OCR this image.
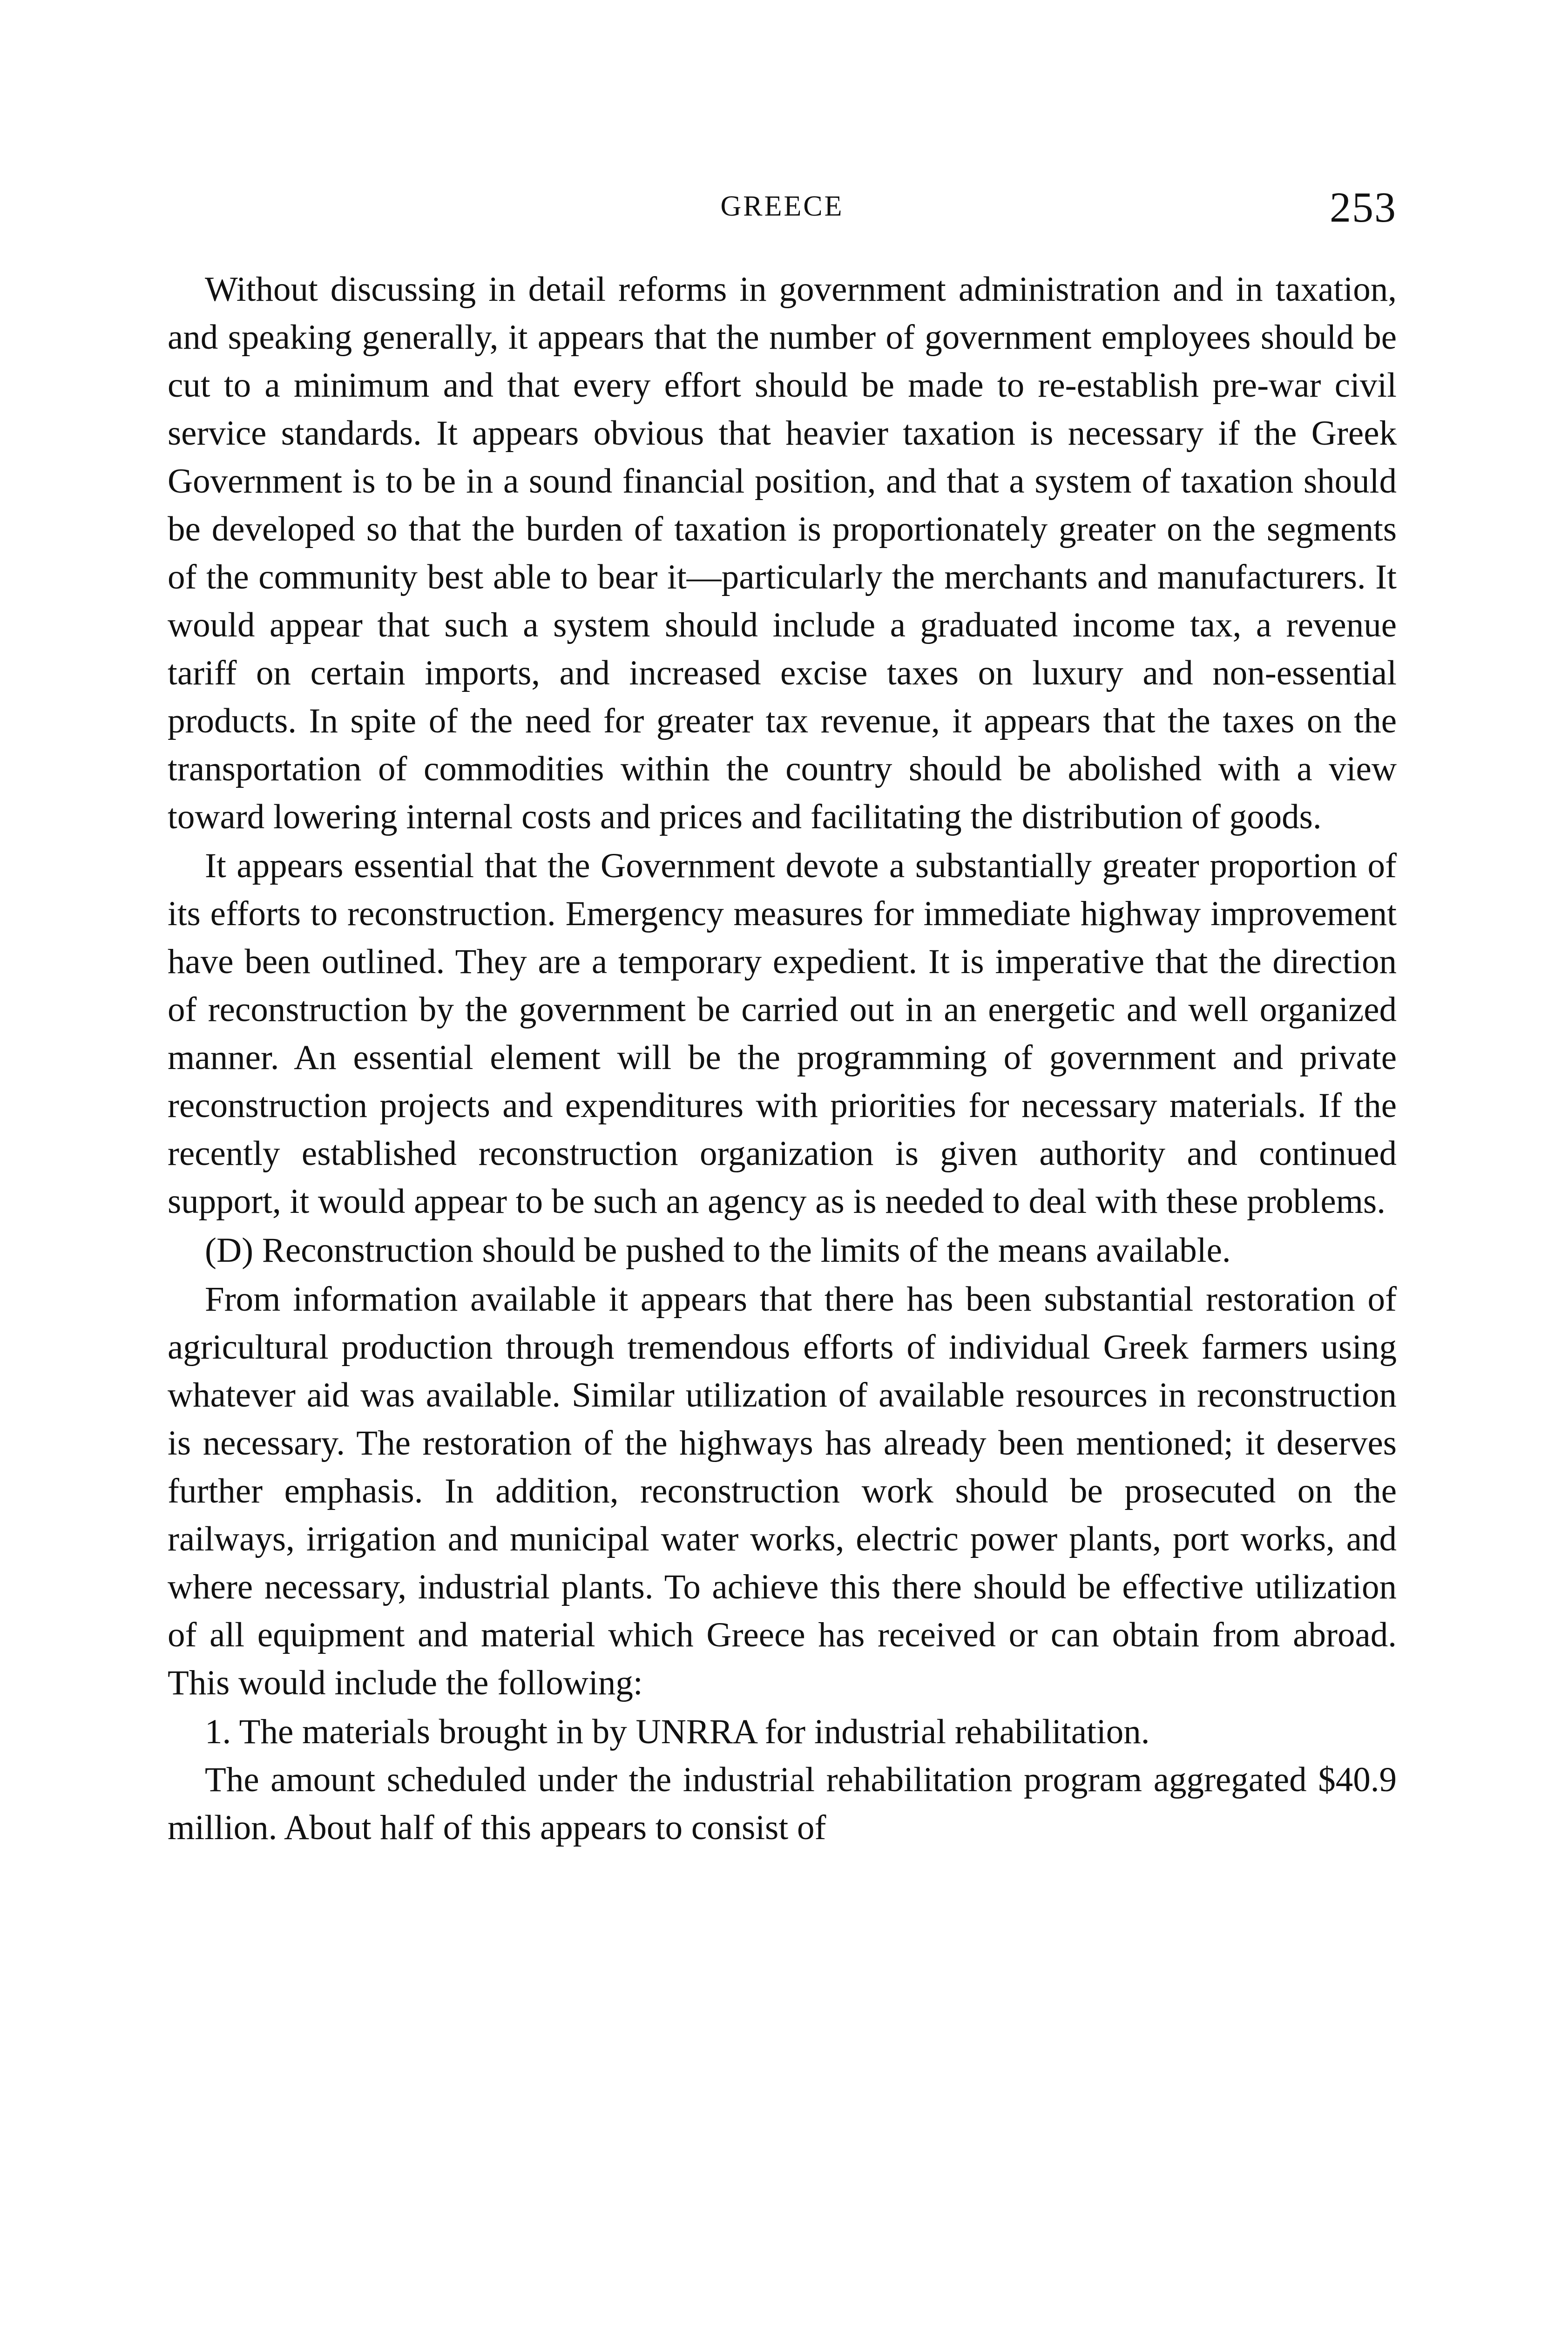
GREECE	253

Without discussing in detail reforms in government administration and in taxation, and speaking generally, it appears that the number of government employees should be cut to a minimum and that every effort should be made to re-establish pre-war civil service standards. It appears obvious that heavier taxation is necessary if the Greek Government is to be in a sound financial position, and that a system of taxation should be developed so that the burden of taxation is proportionately greater on the segments of the community best able to bear it—particularly the merchants and manufacturers. It would appear that such a system should include a graduated income tax, a revenue tariff on certain imports, and increased excise taxes on luxury and non-essential products. In spite of the need for greater tax revenue, it appears that the taxes on the transportation of commodities within the country should be abolished with a view toward lowering internal costs and prices and facilitating the distribution of goods.

It appears essential that the Government devote a substantially greater proportion of its efforts to reconstruction. Emergency measures for immediate highway improvement have been outlined. They are a temporary expedient. It is imperative that the direction of reconstruction by the government be carried out in an energetic and well organized manner. An essential element will be the programming of government and private reconstruction projects and expenditures with priorities for necessary materials. If the recently established reconstruction organization is given authority and continued support, it would appear to be such an agency as is needed to deal with these problems.

(D) Reconstruction should be pushed to the limits of the means available.

From information available it appears that there has been substantial restoration of agricultural production through tremendous efforts of individual Greek farmers using whatever aid was available. Similar utilization of available resources in reconstruction is necessary. The restoration of the highways has already been mentioned; it deserves further emphasis. In addition, reconstruction work should be prosecuted on the railways, irrigation and municipal water works, electric power plants, port works, and where necessary, industrial plants. To achieve this there should be effective utilization of all equipment and material which Greece has received or can obtain from abroad. This would include the following:

1. The materials brought in by UNRRA for industrial rehabilitation.

The amount scheduled under the industrial rehabilitation program aggregated $40.9 million. About half of this appears to consist of
